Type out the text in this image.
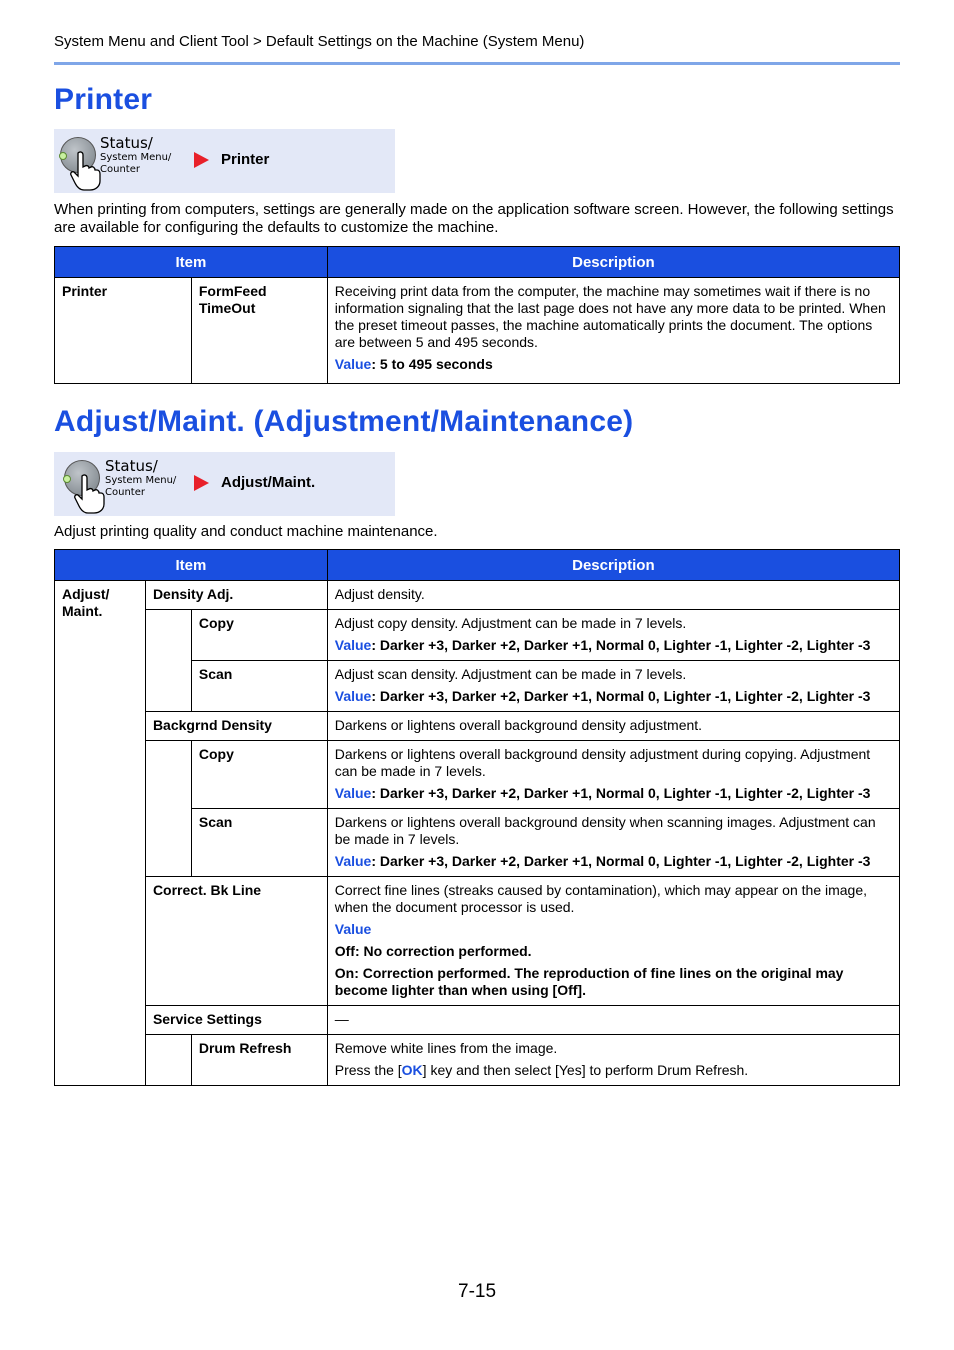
System Menu and Client Tool > Default Settings on the Machine (System Menu)
Printer
Status/
System Menu/ Counter
Printer
When printing from computers, settings are generally made on the application software screen. However, the following settings are available for configuring the defaults to customize the machine.
Item		Description
Printer	FormFeed TimeOut	Receiving print data from the computer, the machine may sometimes wait if there is no information signaling that the last page does not have any more data to be printed. When the preset timeout passes, the machine automatically prints the document. The options are between 5 and 495 seconds.
Value: 5 to 495 seconds
Adjust/Maint. (Adjustment/Maintenance)
Status/
System Menu/ Counter
Adjust/Maint.
Adjust printing quality and conduct machine maintenance.
Item			Description
Adjust/ Maint.	Density Adj.		Adjust density.
		Copy	Adjust copy density. Adjustment can be made in 7 levels.
Value: Darker +3, Darker +2, Darker +1, Normal 0, Lighter -1, Lighter -2, Lighter -3

		Scan	Adjust scan density. Adjustment can be made in 7 levels.
Value: Darker +3, Darker +2, Darker +1, Normal 0, Lighter -1, Lighter -2, Lighter -3

	Backgrnd Density		Darkens or lightens overall background density adjustment.
		Copy	Darkens or lightens overall background density adjustment during copying. Adjustment can be made in 7 levels.
Value: Darker +3, Darker +2, Darker +1, Normal 0, Lighter -1, Lighter -2, Lighter -3

		Scan	Darkens or lightens overall background density when scanning images. Adjustment can be made in 7 levels.
Value: Darker +3, Darker +2, Darker +1, Normal 0, Lighter -1, Lighter -2, Lighter -3

	Correct. Bk Line		Correct fine lines (streaks caused by contamination), which may appear on the image, when the document processor is used.
Value
Off: No correction performed.
On: Correction performed. The reproduction of fine lines on the original may become lighter than when using [Off].

	Service Settings		—
		Drum Refresh	Remove white lines from the image.
Press the [OK] key and then select [Yes] to perform Drum Refresh.
7-15
